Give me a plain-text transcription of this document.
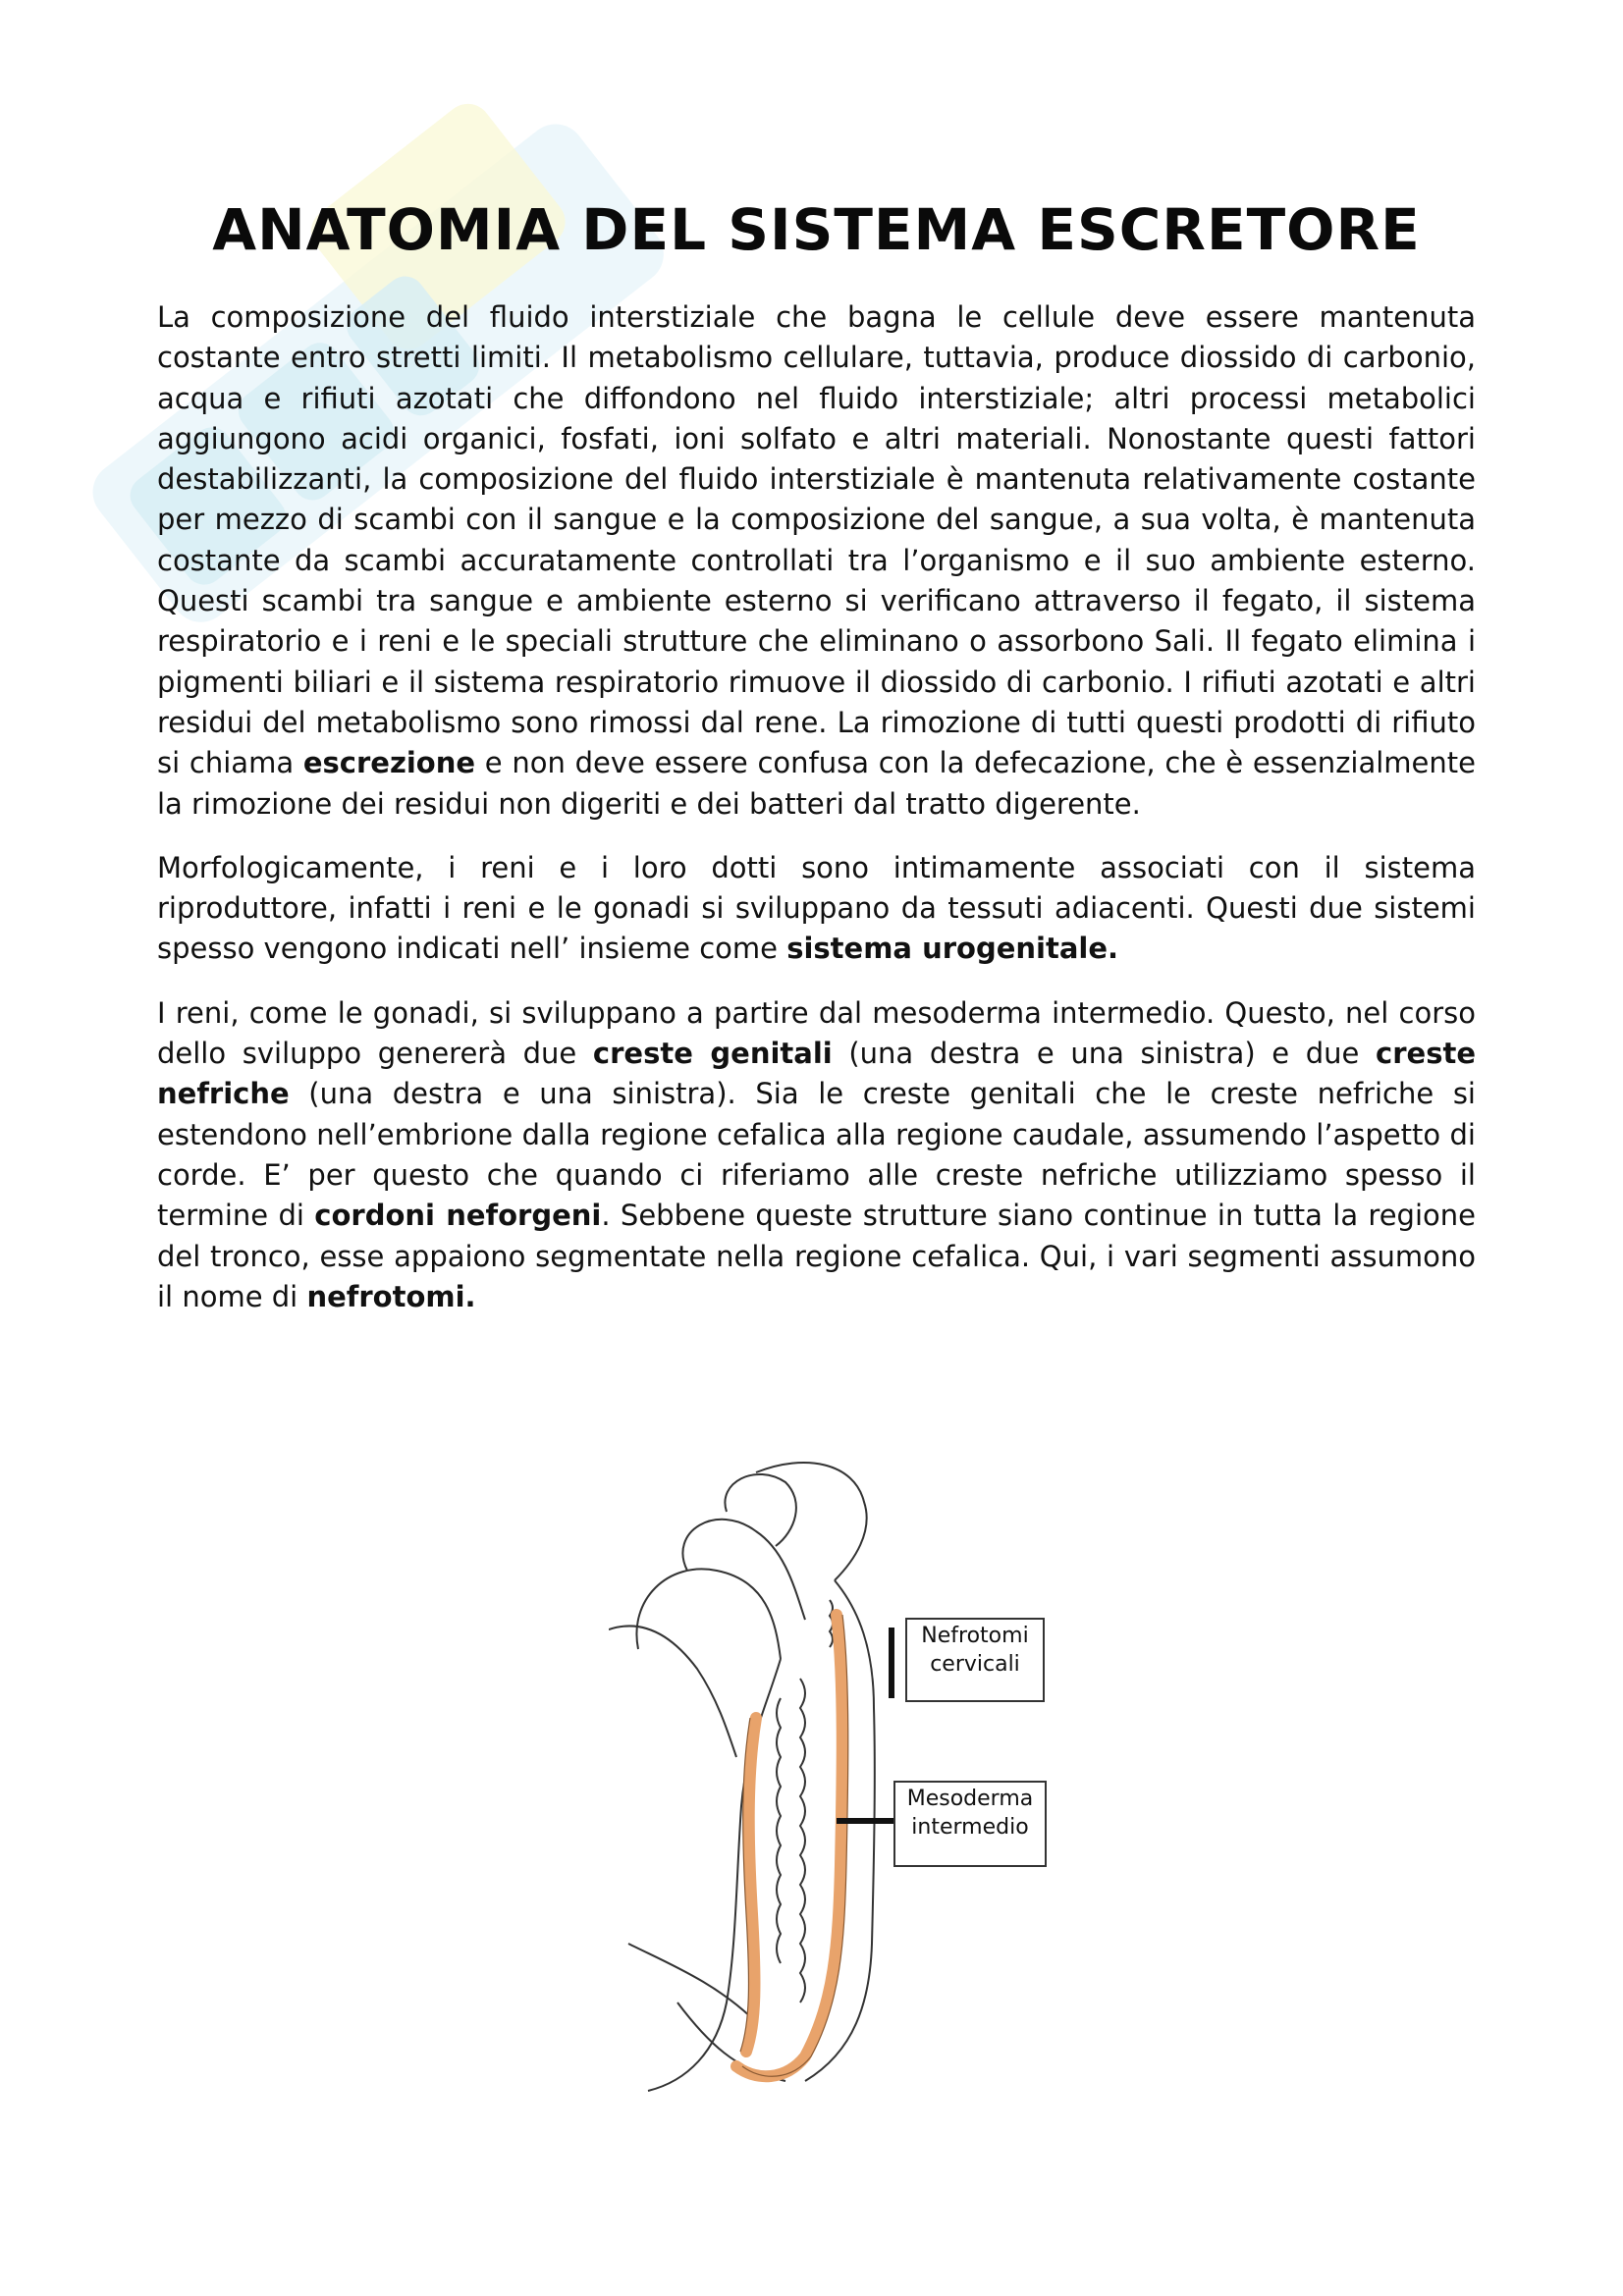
ANATOMIA DEL SISTEMA ESCRETORE

La composizione del fluido interstiziale che bagna le cellule deve essere mantenuta costante entro stretti limiti. Il metabolismo cellulare, tuttavia, produce diossido di carbonio, acqua e rifiuti azotati che diffondono nel fluido interstiziale; altri processi metabolici aggiungono acidi organici, fosfati, ioni solfato e altri materiali. Nonostante questi fattori destabilizzanti, la composizione del fluido interstiziale è mantenuta relativamente costante per mezzo di scambi con il sangue e la composizione del sangue, a sua volta, è mantenuta costante da scambi accuratamente controllati tra l’organismo e il suo ambiente esterno. Questi scambi tra sangue e ambiente esterno si verificano attraverso il fegato, il sistema respiratorio e i reni e le speciali strutture che eliminano o assorbono Sali. Il fegato elimina i pigmenti biliari e il sistema respiratorio rimuove il diossido di carbonio. I rifiuti azotati e altri residui del metabolismo sono rimossi dal rene. La rimozione di tutti questi prodotti di rifiuto si chiama escrezione e non deve essere confusa con la defecazione, che è essenzialmente la rimozione dei residui non digeriti e dei batteri dal tratto digerente.

Morfologicamente, i reni e i loro dotti sono intimamente associati con il sistema riproduttore, infatti i reni e le gonadi si sviluppano da tessuti adiacenti. Questi due sistemi spesso vengono indicati nell’ insieme come sistema urogenitale.

I reni, come le gonadi, si sviluppano a partire dal mesoderma intermedio. Questo, nel corso dello sviluppo genererà due creste genitali (una destra e una sinistra) e due creste nefriche (una destra e una sinistra). Sia le creste genitali che le creste nefriche si estendono nell’embrione dalla regione cefalica alla regione caudale, assumendo l’aspetto di corde. E’ per questo che quando ci riferiamo alle creste nefriche utilizziamo spesso il termine di cordoni neforgeni. Sebbene queste strutture siano continue in tutta la regione del tronco, esse appaiono segmentate nella regione cefalica. Qui, i vari segmenti assumono il nome di nefrotomi.

Nefrotomi
cervicali
Mesoderma
intermedio
